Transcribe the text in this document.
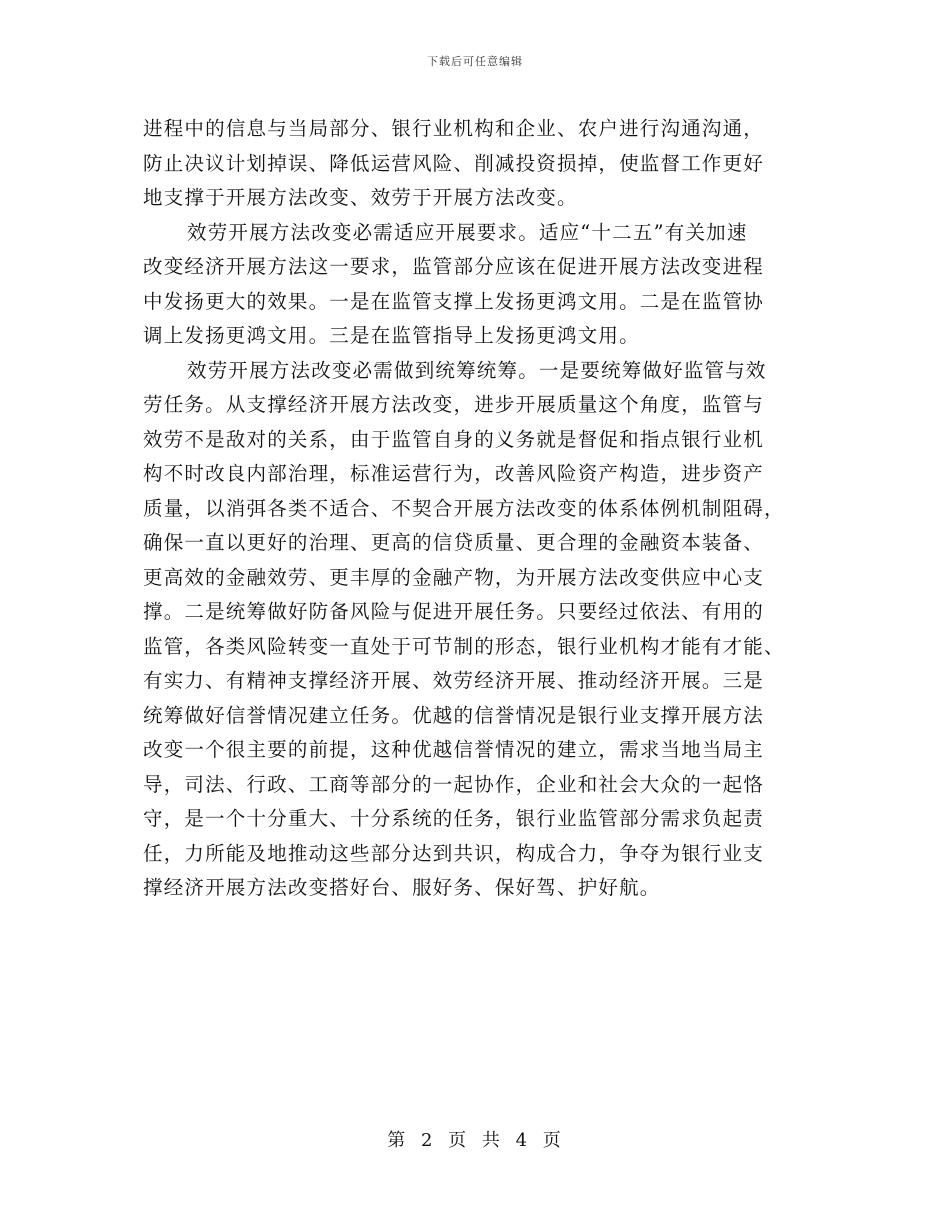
下载后可任意编辑

进程中的信息与当局部分、银行业机构和企业、农户进行沟通沟通，
防止决议计划掉误、降低运营风险、削减投资损掉，使监督工作更好
地支撑于开展方法改变、效劳于开展方法改变。

效劳开展方法改变必需适应开展要求。适应“十二五”有关加速
改变经济开展方法这一要求，监管部分应该在促进开展方法改变进程
中发扬更大的效果。一是在监管支撑上发扬更鸿文用。二是在监管协
调上发扬更鸿文用。三是在监管指导上发扬更鸿文用。

效劳开展方法改变必需做到统筹统筹。一是要统筹做好监管与效
劳任务。从支撑经济开展方法改变，进步开展质量这个角度，监管与
效劳不是敌对的关系，由于监管自身的义务就是督促和指点银行业机
构不时改良内部治理，标准运营行为，改善风险资产构造，进步资产
质量，以消弭各类不适合、不契合开展方法改变的体系体例机制阻碍，
确保一直以更好的治理、更高的信贷质量、更合理的金融资本装备、
更高效的金融效劳、更丰厚的金融产物，为开展方法改变供应中心支
撑。二是统筹做好防备风险与促进开展任务。只要经过依法、有用的
监管，各类风险转变一直处于可节制的形态，银行业机构才能有才能、
有实力、有精神支撑经济开展、效劳经济开展、推动经济开展。三是
统筹做好信誉情况建立任务。优越的信誉情况是银行业支撑开展方法
改变一个很主要的前提，这种优越信誉情况的建立，需求当地当局主
导，司法、行政、工商等部分的一起协作，企业和社会大众的一起恪
守，是一个十分重大、十分系统的任务，银行业监管部分需求负起责
任，力所能及地推动这些部分达到共识，构成合力，争夺为银行业支
撑经济开展方法改变搭好台、服好务、保好驾、护好航。

第 2 页 共 4 页
